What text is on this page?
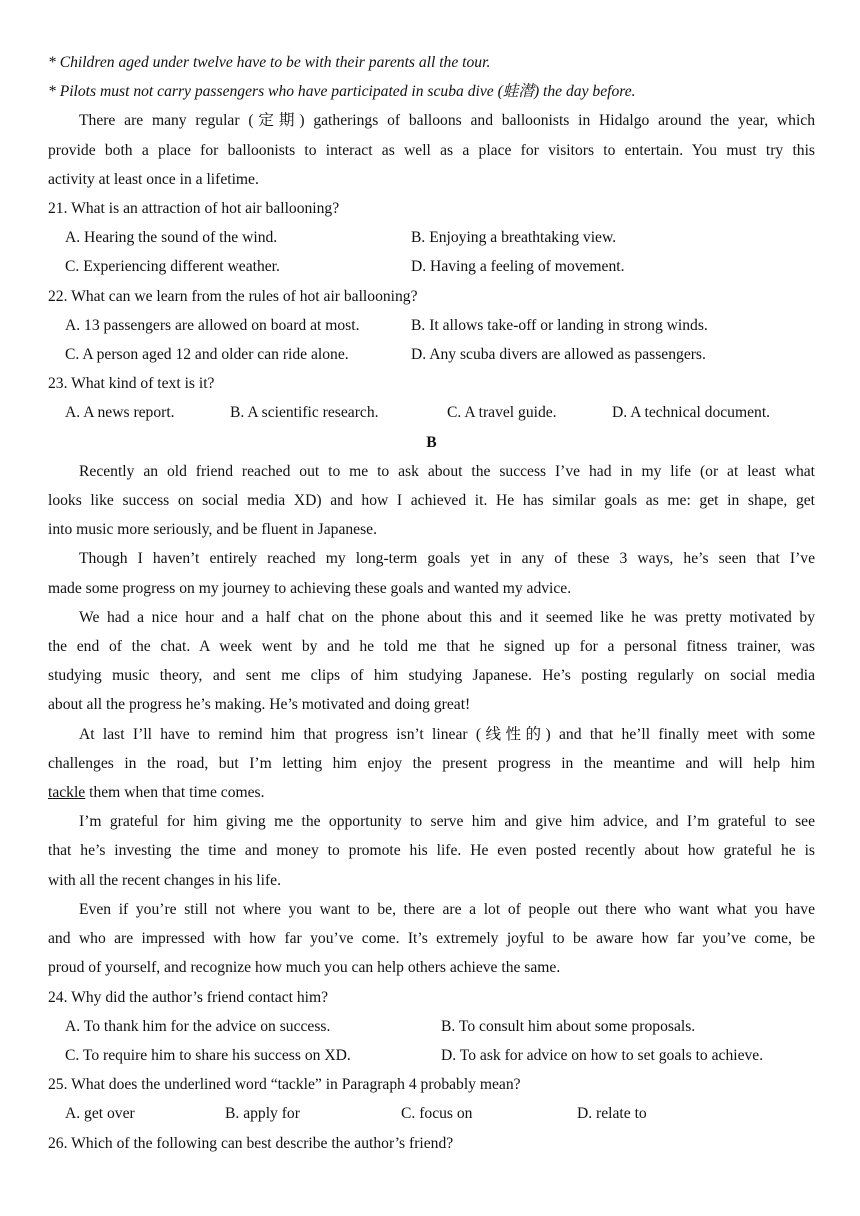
* Children aged under twelve have to be with their parents all the tour.
* Pilots must not carry passengers who have participated in scuba dive (蛙潜) the day before.
There are many regular (定期) gatherings of balloons and balloonists in Hidalgo around the year, which
provide both a place for balloonists to interact as well as a place for visitors to entertain. You must try this
activity at least once in a lifetime.
21. What is an attraction of hot air ballooning?
A. Hearing the sound of the wind.	B. Enjoying a breathtaking view.
C. Experiencing different weather.	D. Having a feeling of movement.
22. What can we learn from the rules of hot air ballooning?
A. 13 passengers are allowed on board at most.	B. It allows take-off or landing in strong winds.
C. A person aged 12 and older can ride alone.	D. Any scuba divers are allowed as passengers.
23. What kind of text is it?
A. A news report.	B. A scientific research.	C. A travel guide.	D. A technical document.
B
Recently an old friend reached out to me to ask about the success I’ve had in my life (or at least what
looks like success on social media XD) and how I achieved it. He has similar goals as me: get in shape, get
into music more seriously, and be fluent in Japanese.
Though I haven’t entirely reached my long-term goals yet in any of these 3 ways, he’s seen that I’ve
made some progress on my journey to achieving these goals and wanted my advice.
We had a nice hour and a half chat on the phone about this and it seemed like he was pretty motivated by
the end of the chat. A week went by and he told me that he signed up for a personal fitness trainer, was
studying music theory, and sent me clips of him studying Japanese. He’s posting regularly on social media
about all the progress he’s making. He’s motivated and doing great!
At last I’ll have to remind him that progress isn’t linear (线性的) and that he’ll finally meet with some
challenges in the road, but I’m letting him enjoy the present progress in the meantime and will help him
tackle them when that time comes.
I’m grateful for him giving me the opportunity to serve him and give him advice, and I’m grateful to see
that he’s investing the time and money to promote his life. He even posted recently about how grateful he is
with all the recent changes in his life.
Even if you’re still not where you want to be, there are a lot of people out there who want what you have
and who are impressed with how far you’ve come. It’s extremely joyful to be aware how far you’ve come, be
proud of yourself, and recognize how much you can help others achieve the same.
24. Why did the author’s friend contact him?
A. To thank him for the advice on success.	B. To consult him about some proposals.
C. To require him to share his success on XD.	D. To ask for advice on how to set goals to achieve.
25. What does the underlined word “tackle” in Paragraph 4 probably mean?
A. get over	B. apply for	C. focus on	D. relate to
26. Which of the following can best describe the author’s friend?
